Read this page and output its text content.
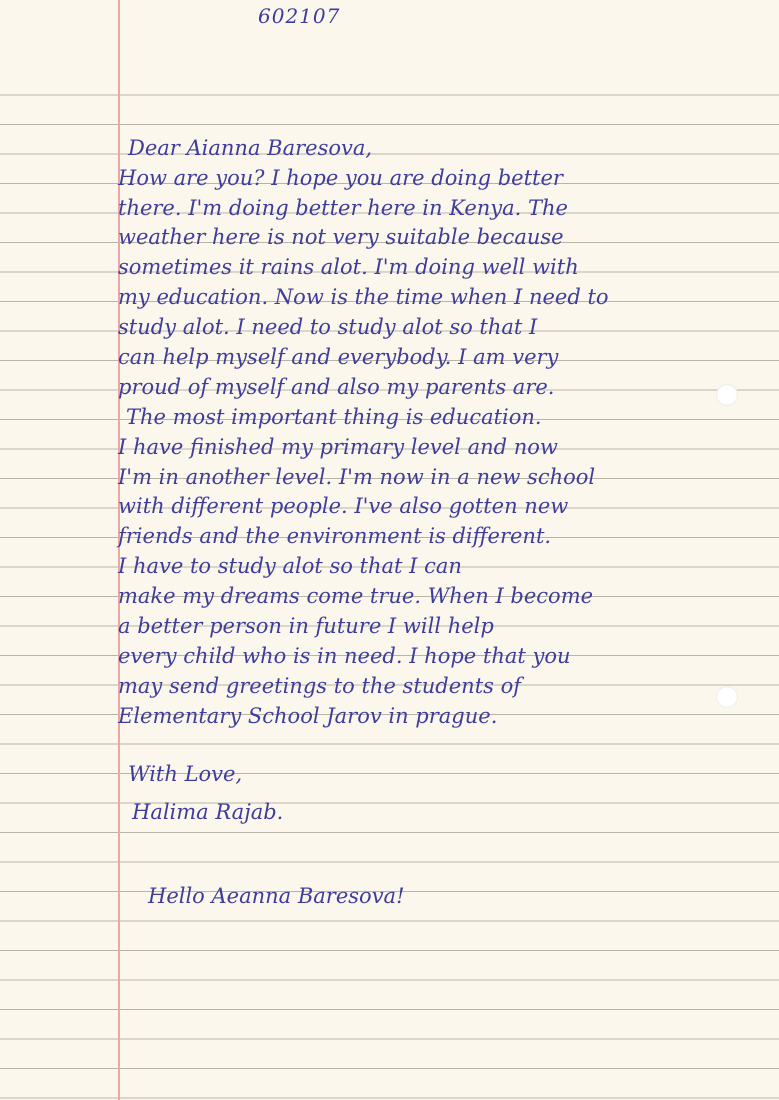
602107
Dear Aianna Baresova,
How are you? I hope you are doing better
there. I'm doing better here in Kenya. The
weather here is not very suitable because
sometimes it rains alot. I'm doing well with
my education. Now is the time when I need to
study alot. I need to study alot so that I
can help myself and everybody. I am very
proud of myself and also my parents are.
The most important thing is education.
I have finished my primary level and now
I'm in another level. I'm now in a new school
with different people. I've also gotten new
friends and the environment is different.
I have to study alot so that I can
make my dreams come true. When I become
a better person in future I will help
every child who is in need. I hope that you
may send greetings to the students of
Elementary School Jarov in prague.
With Love,
Halima Rajab.
Hello Aeanna Baresova!
